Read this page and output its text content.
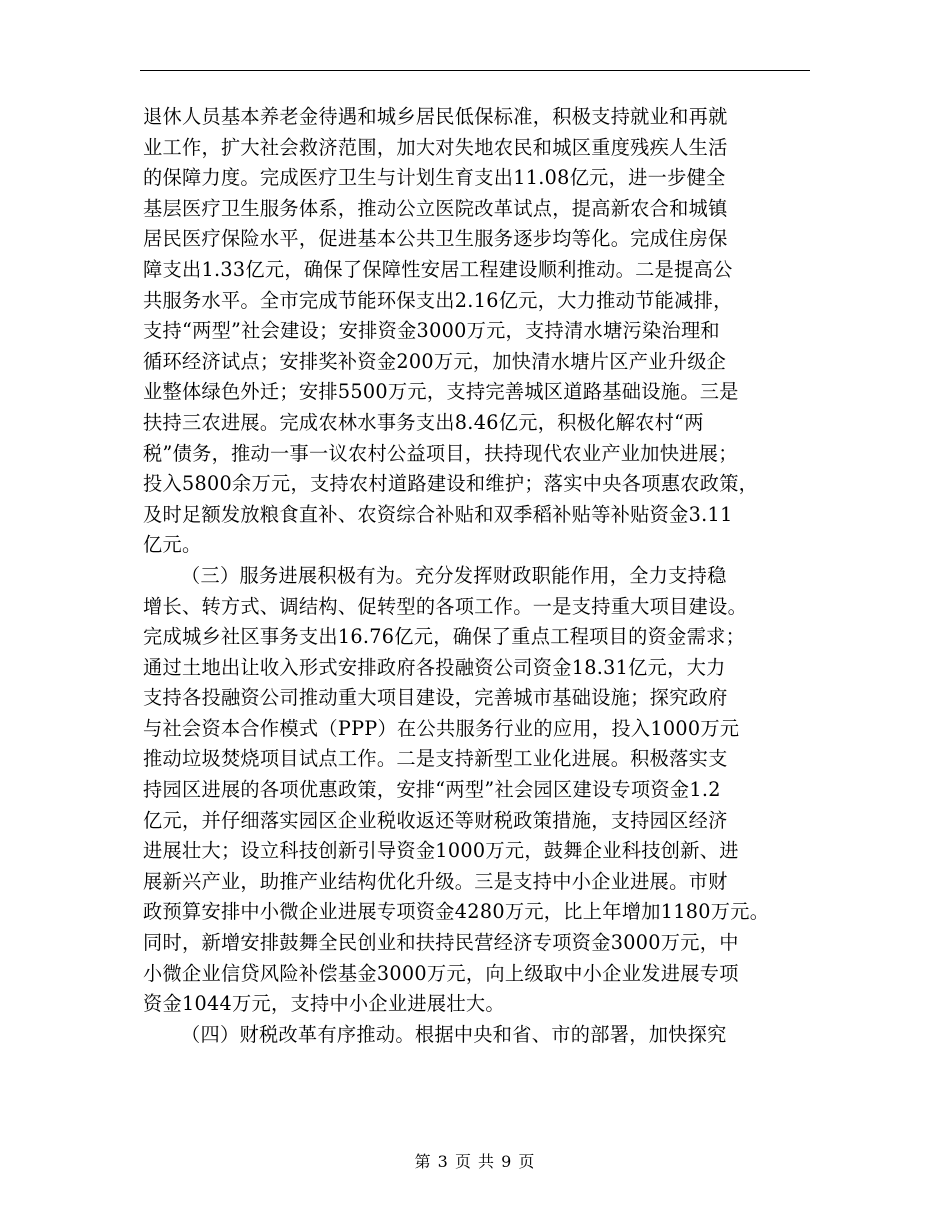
退休人员基本养老金待遇和城乡居民低保标准，积极支持就业和再就
业工作，扩大社会救济范围，加大对失地农民和城区重度残疾人生活
的保障力度。完成医疗卫生与计划生育支出11.08亿元，进一步健全
基层医疗卫生服务体系，推动公立医院改革试点，提高新农合和城镇
居民医疗保险水平，促进基本公共卫生服务逐步均等化。完成住房保
障支出1.33亿元，确保了保障性安居工程建设顺利推动。二是提高公
共服务水平。全市完成节能环保支出2.16亿元，大力推动节能减排，
支持“两型”社会建设；安排资金3000万元，支持清水塘污染治理和
循环经济试点；安排奖补资金200万元，加快清水塘片区产业升级企
业整体绿色外迁；安排5500万元，支持完善城区道路基础设施。三是
扶持三农进展。完成农林水事务支出8.46亿元，积极化解农村“两
税”债务，推动一事一议农村公益项目，扶持现代农业产业加快进展；
投入5800余万元，支持农村道路建设和维护；落实中央各项惠农政策，
及时足额发放粮食直补、农资综合补贴和双季稻补贴等补贴资金3.11
亿元。
（三）服务进展积极有为。充分发挥财政职能作用，全力支持稳
增长、转方式、调结构、促转型的各项工作。一是支持重大项目建设。
完成城乡社区事务支出16.76亿元，确保了重点工程项目的资金需求；
通过土地出让收入形式安排政府各投融资公司资金18.31亿元，大力
支持各投融资公司推动重大项目建设，完善城市基础设施；探究政府
与社会资本合作模式（PPP）在公共服务行业的应用，投入1000万元
推动垃圾焚烧项目试点工作。二是支持新型工业化进展。积极落实支
持园区进展的各项优惠政策，安排“两型”社会园区建设专项资金1.2
亿元，并仔细落实园区企业税收返还等财税政策措施，支持园区经济
进展壮大；设立科技创新引导资金1000万元，鼓舞企业科技创新、进
展新兴产业，助推产业结构优化升级。三是支持中小企业进展。市财
政预算安排中小微企业进展专项资金4280万元，比上年增加1180万元。
同时，新增安排鼓舞全民创业和扶持民营经济专项资金3000万元，中
小微企业信贷风险补偿基金3000万元，向上级取中小企业发进展专项
资金1044万元，支持中小企业进展壮大。
（四）财税改革有序推动。根据中央和省、市的部署，加快探究
第 3 页 共 9 页
